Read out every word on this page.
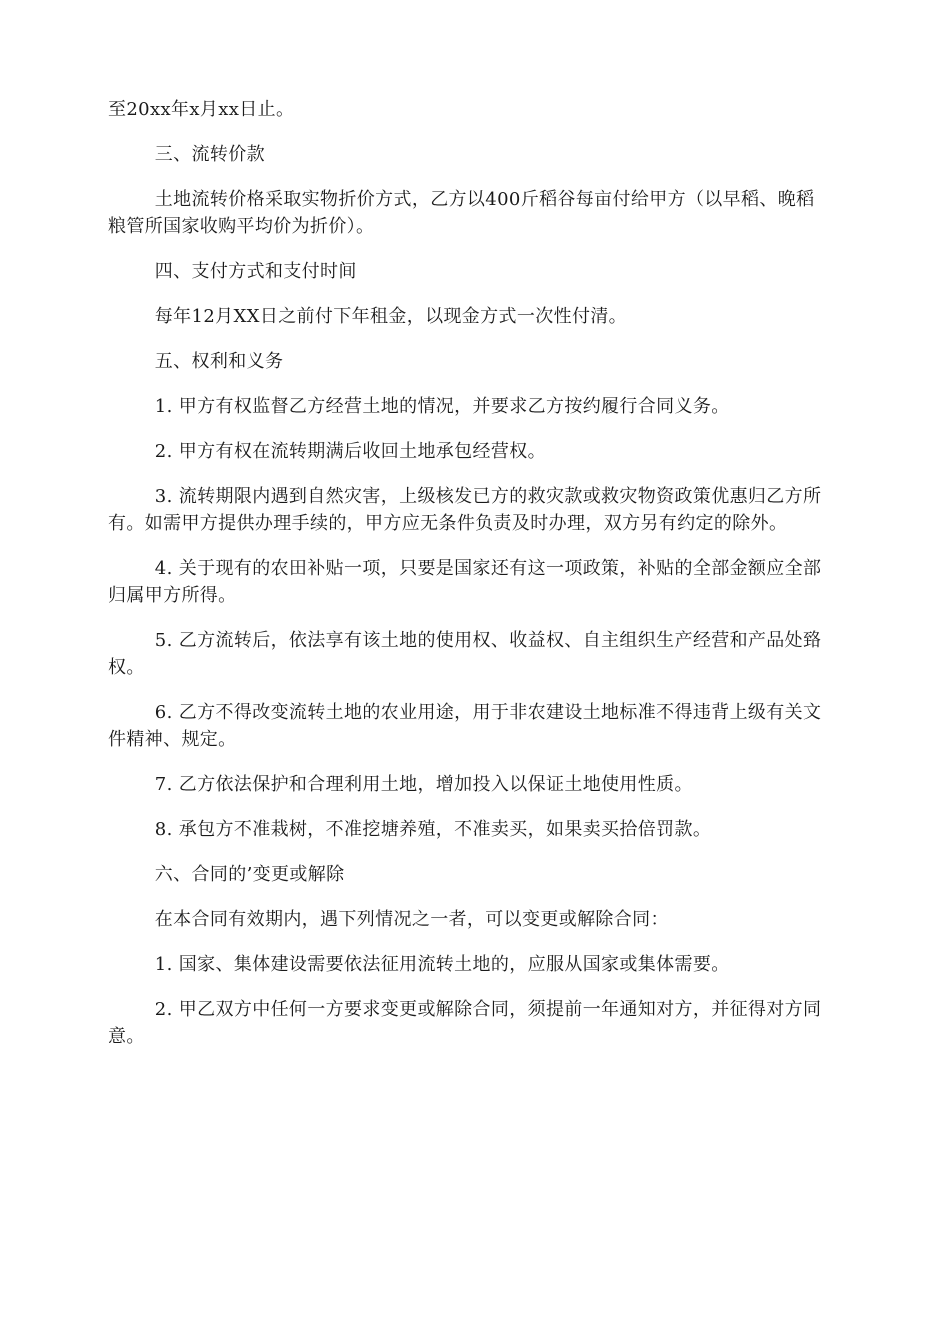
至20xx年x月xx日止。

三、流转价款

土地流转价格采取实物折价方式，乙方以400斤稻谷每亩付给甲方（以早稻、晚稻粮管所国家收购平均价为折价）。

四、支付方式和支付时间

每年12月XX日之前付下年租金，以现金方式一次性付清。

五、权利和义务

1. 甲方有权监督乙方经营土地的情况，并要求乙方按约履行合同义务。

2. 甲方有权在流转期满后收回土地承包经营权。

3. 流转期限内遇到自然灾害，上级核发已方的救灾款或救灾物资政策优惠归乙方所有。如需甲方提供办理手续的，甲方应无条件负责及时办理，双方另有约定的除外。

4. 关于现有的农田补贴一项，只要是国家还有这一项政策，补贴的全部金额应全部归属甲方所得。

5. 乙方流转后，依法享有该土地的使用权、收益权、自主组织生产经营和产品处臵权。

6. 乙方不得改变流转土地的农业用途，用于非农建设土地标准不得违背上级有关文件精神、规定。

7. 乙方依法保护和合理利用土地，增加投入以保证土地使用性质。

8. 承包方不准栽树，不准挖塘养殖，不准卖买，如果卖买拾倍罚款。

六、合同的’变更或解除

在本合同有效期内，遇下列情况之一者，可以变更或解除合同：

1. 国家、集体建设需要依法征用流转土地的，应服从国家或集体需要。

2. 甲乙双方中任何一方要求变更或解除合同，须提前一年通知对方，并征得对方同意。
